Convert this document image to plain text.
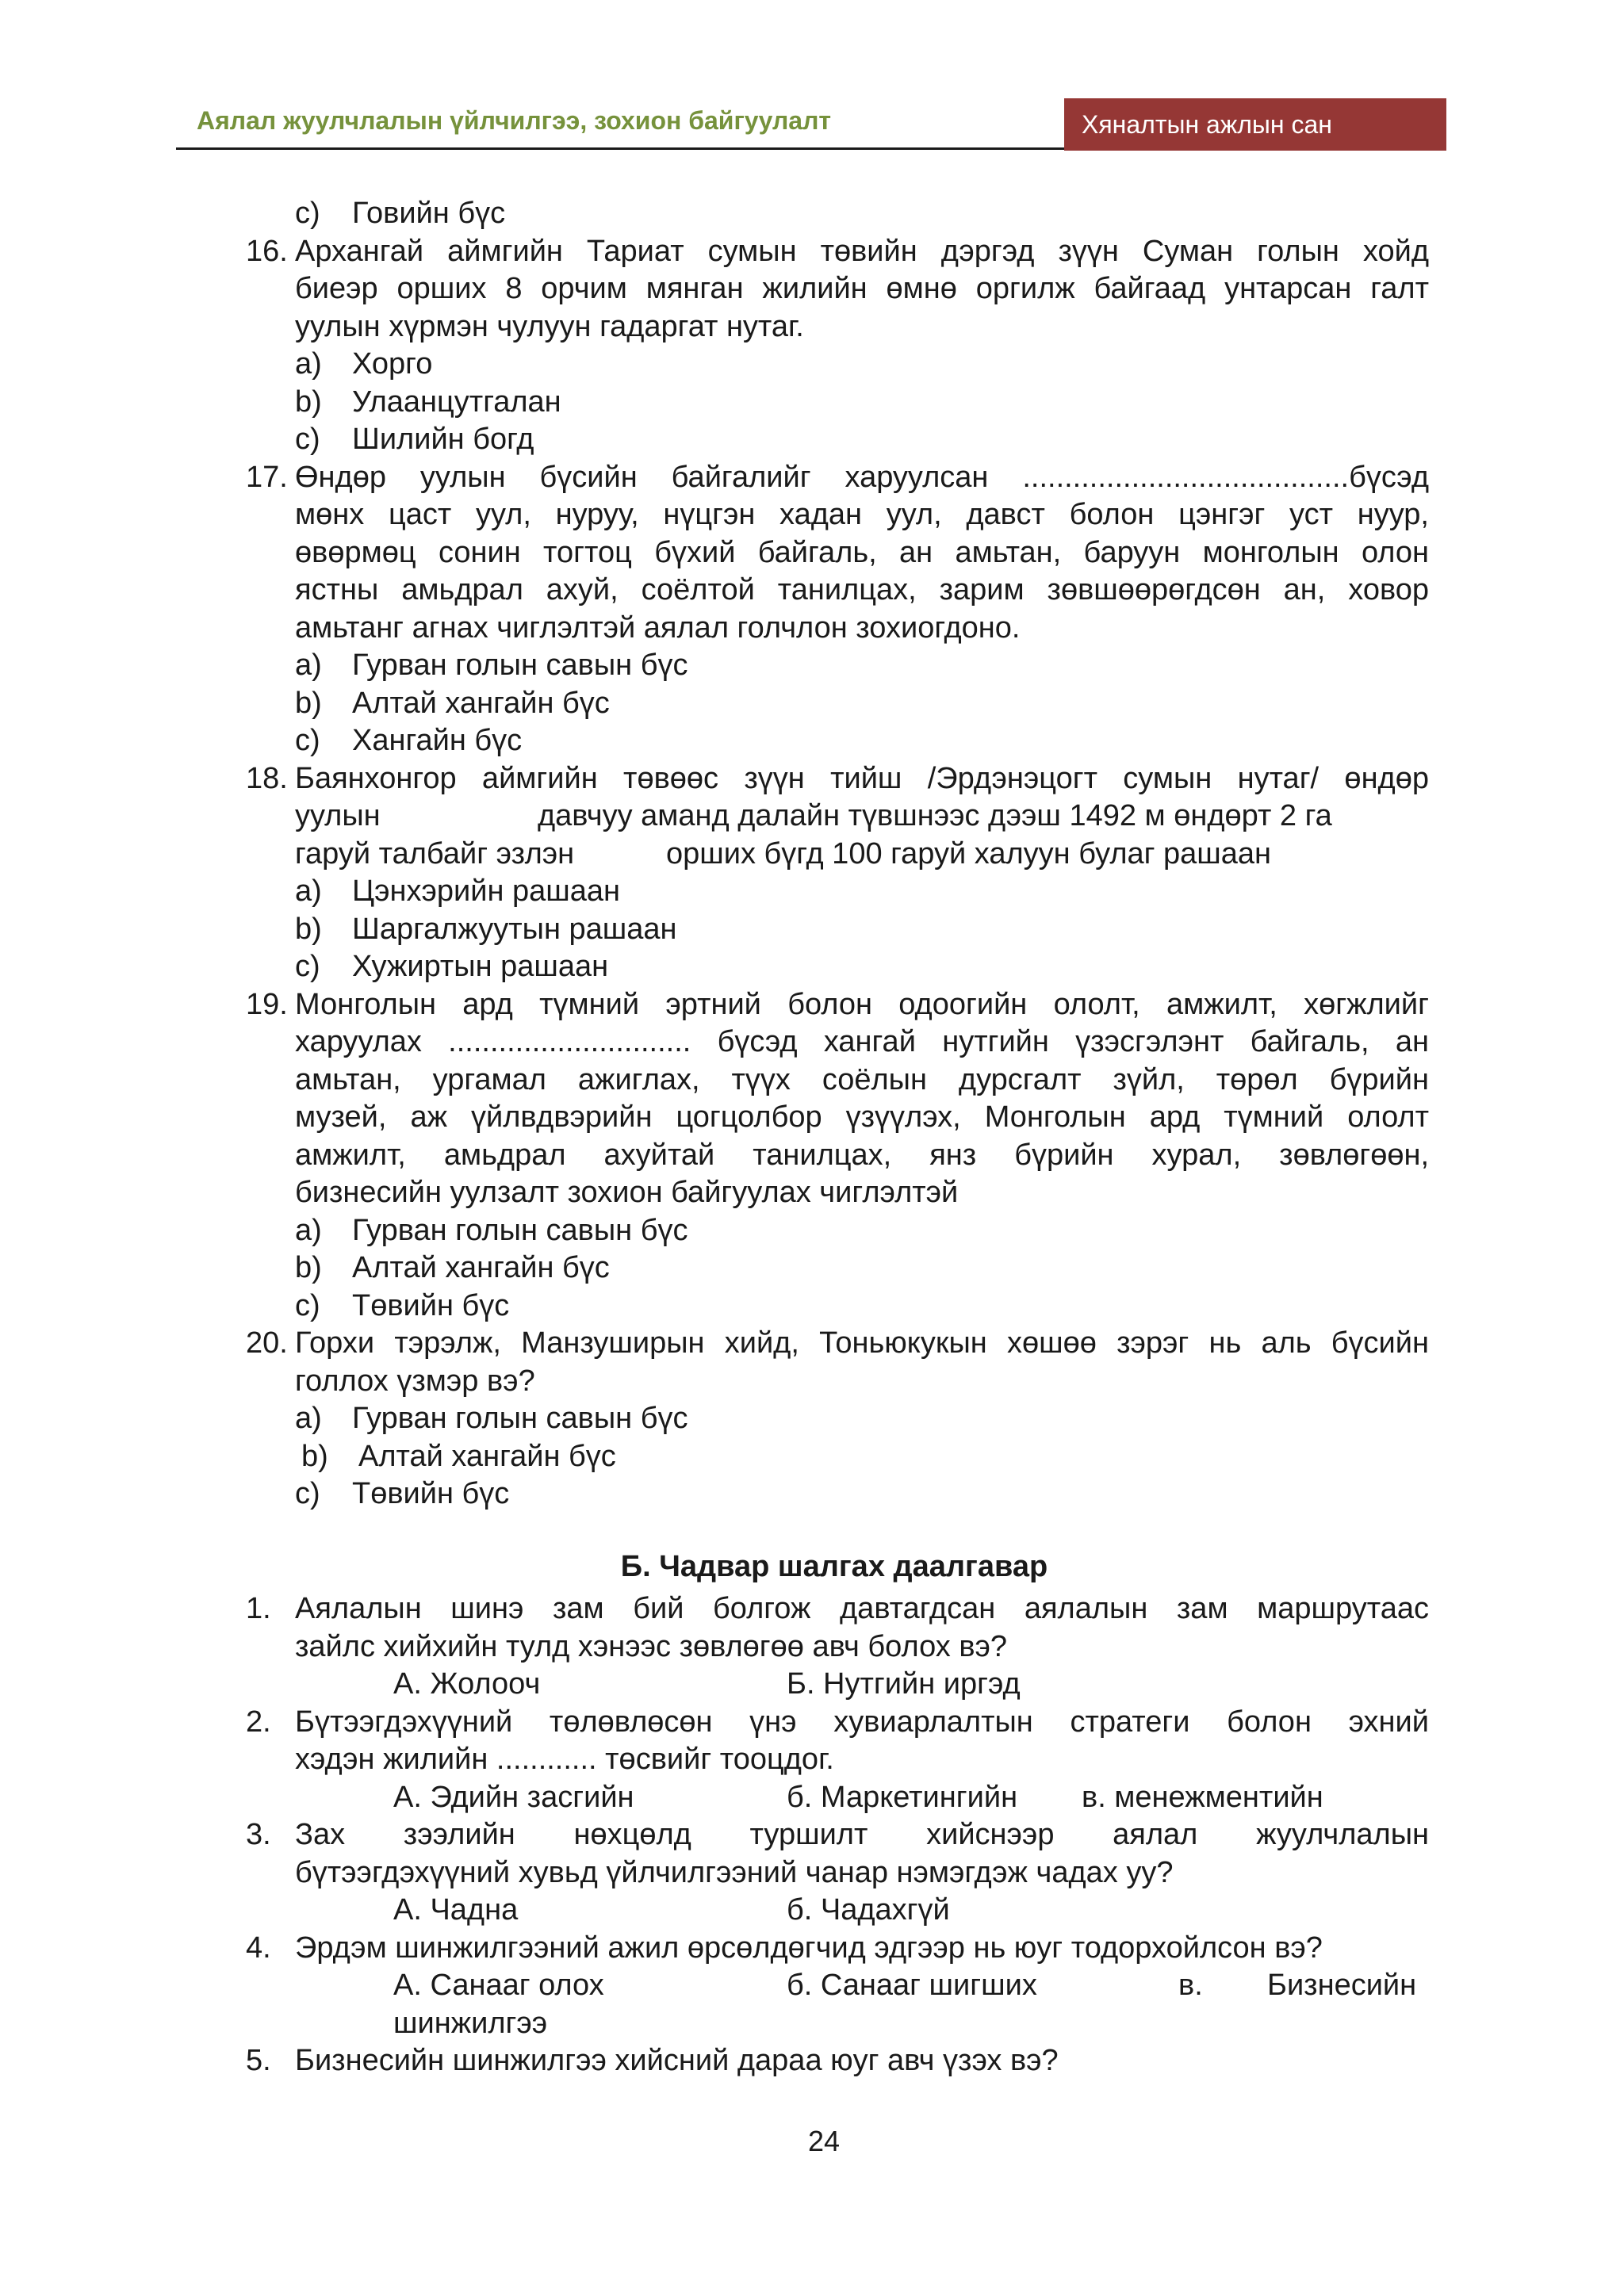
Аялал жуулчлалын үйлчилгээ, зохион байгуулалт	Хяналтын ажлын сан
c) Говийн бүс
16. Архангай аймгийн Тариат сумын төвийн дэргэд зүүн Суман голын хойд
биеэр орших 8 орчим мянган жилийн өмнө оргилж байгаад унтарсан галт
уулын хүрмэн чулуун гадаргат нутаг.
a) Хорго
b) Улаанцутгалан
c) Шилийн богд
17. Өндөр уулын бүсийн байгалийг харуулсан .......................................бүсэд
мөнх цаст уул, нуруу, нүцгэн хадан уул, давст болон цэнгэг уст нуур,
өвөрмөц сонин тогтоц бүхий байгаль, ан амьтан, баруун монголын олон
ястны амьдрал ахуй, соёлтой танилцах, зарим зөвшөөрөгдсөн ан, ховор
амьтанг агнах чиглэлтэй аялал голчлон зохиогдоно.
a) Гурван голын савын бүс
b) Алтай хангайн бүс
c) Хангайн бүс
18. Баянхонгор аймгийн төвөөс зүүн тийш /Эрдэнэцогт сумын нутаг/ өндөр
уулын	давчуу аманд далайн түвшнээс дээш 1492 м өндөрт 2 га
гаруй талбайг эзлэн	орших бүгд 100 гаруй халуун булаг рашаан
a) Цэнхэрийн рашаан
b) Шаргалжуутын рашаан
c) Хужиртын рашаан
19. Монголын ард түмний эртний болон одоогийн ололт, амжилт, хөгжлийг
харуулах ............................. бүсэд хангай нутгийн үзэсгэлэнт байгаль, ан
амьтан, ургамал ажиглах, түүх соёлын дурсгалт зүйл, төрөл бүрийн
музей, аж үйлвдвэрийн цогцолбор үзүүлэх, Монголын ард түмний ололт
амжилт, амьдрал ахуйтай танилцах, янз бүрийн хурал, зөвлөгөөн,
бизнесийн уулзалт зохион байгуулах чиглэлтэй
a) Гурван голын савын бүс
b) Алтай хангайн бүс
c) Төвийн бүс
20. Горхи тэрэлж, Манзуширын хийд, Тоньюкукын хөшөө зэрэг нь аль бүсийн
голлох үзмэр вэ?
a) Гурван голын савын бүс
b) Алтай хангайн бүс
c) Төвийн бүс
Б. Чадвар шалгах даалгавар
1. Аялалын шинэ зам бий болгож давтагдсан аялалын зам маршрутаас
зайлс хийхийн тулд хэнээс зөвлөгөө авч болох вэ?
А. Жолооч	Б. Нутгийн иргэд
2. Бүтээгдэхүүний төлөвлөсөн үнэ хувиарлалтын стратеги болон эхний
хэдэн жилийн ............ төсвийг тооцдог.
А. Эдийн засгийн	б. Маркетингийн в. менежментийн
3. Зах зээлийн нөхцөлд туршилт хийснээр аялал жуулчлалын
бүтээгдэхүүний хувьд үйлчилгээний чанар нэмэгдэж чадах уу?
А. Чадна	б. Чадахгүй
4. Эрдэм шинжилгээний ажил өрсөлдөгчид эдгээр нь юуг тодорхойлсон вэ?
А. Санааг олох	б. Санааг шигших	в. Бизнесийн
шинжилгээ
5. Бизнесийн шинжилгээ хийсний дараа юуг авч үзэх вэ?
24
